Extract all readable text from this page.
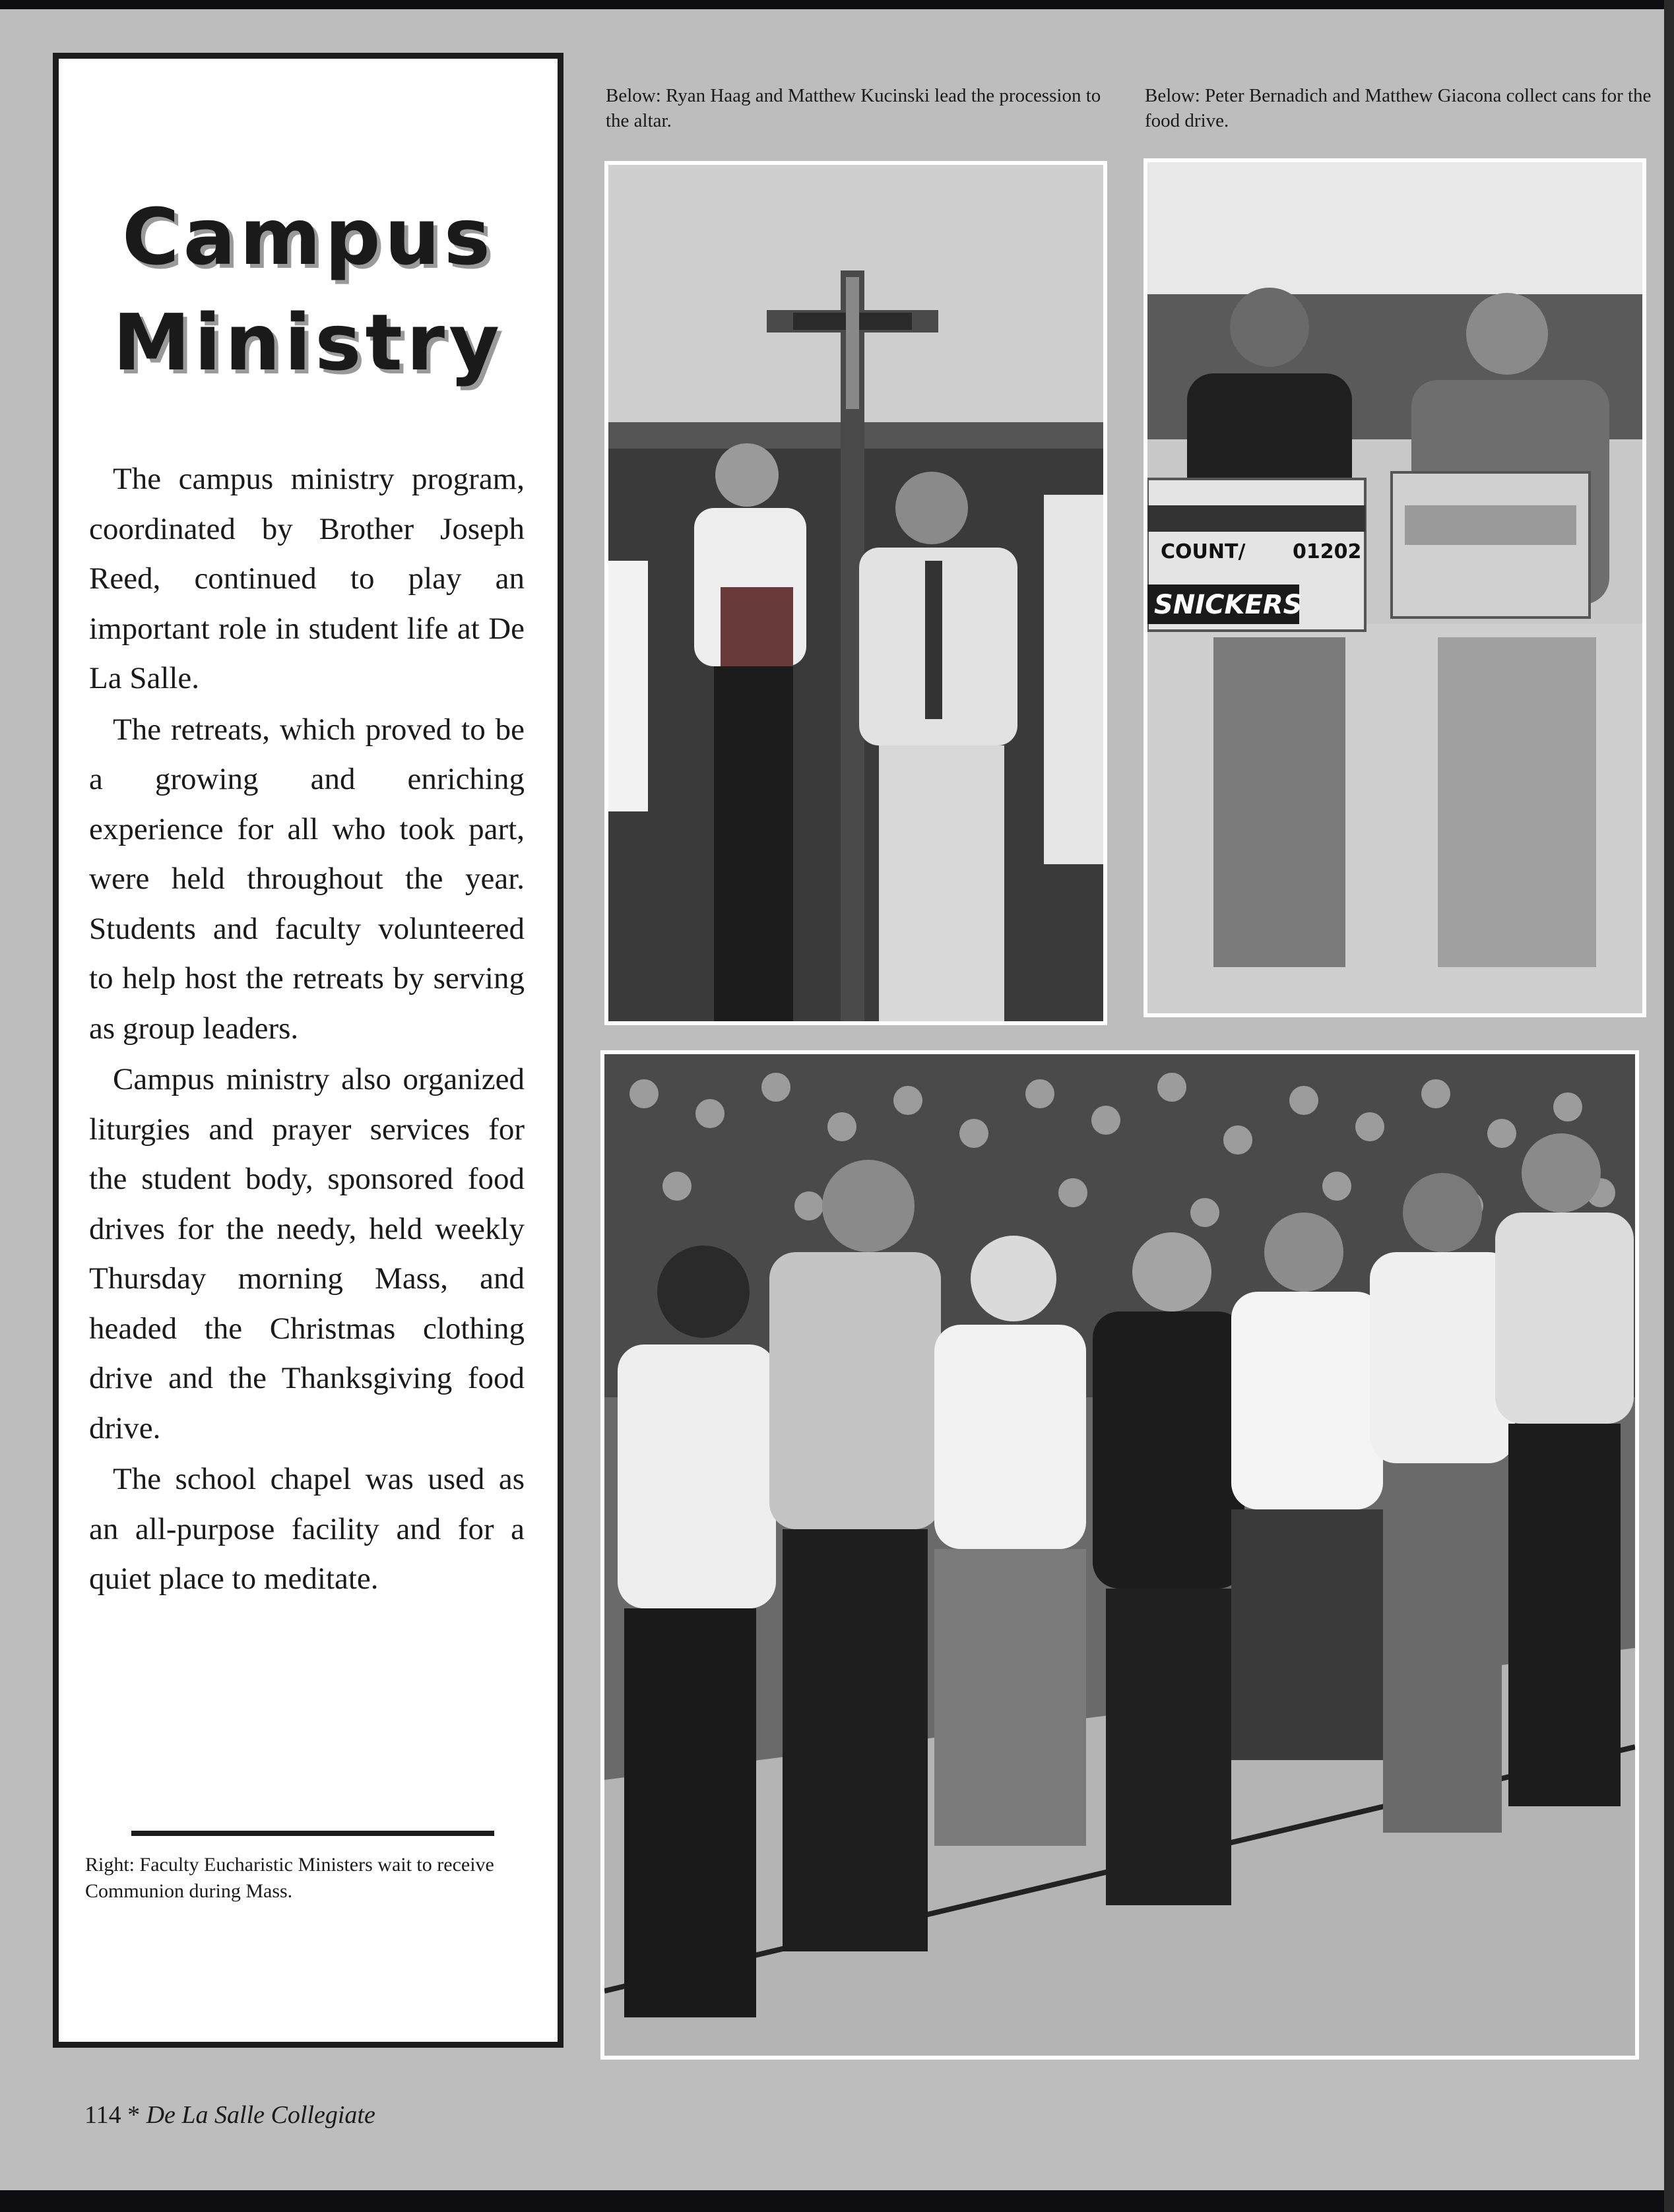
Campus
Ministry

The campus ministry program, coordinated by Brother Joseph Reed, continued to play an important role in student life at De La Salle.

The retreats, which proved to be a growing and enriching experience for all who took part, were held throughout the year. Students and faculty volunteered to help host the retreats by serving as group leaders.

Campus ministry also organized liturgies and prayer services for the student body, sponsored food drives for the needy, held weekly Thursday morning Mass, and headed the Christmas clothing drive and the Thanksgiving food drive.

The school chapel was used as an all-purpose facility and for a quiet place to meditate.

Right: Faculty Eucharistic Ministers wait to receive Communion during Mass.
Below: Ryan Haag and Matthew Kucinski lead the procession to the altar.
Below: Peter Bernadich and Matthew Giacona collect cans for the food drive.
COUNT/ 01202
SNICKERS
114 * De La Salle Collegiate
